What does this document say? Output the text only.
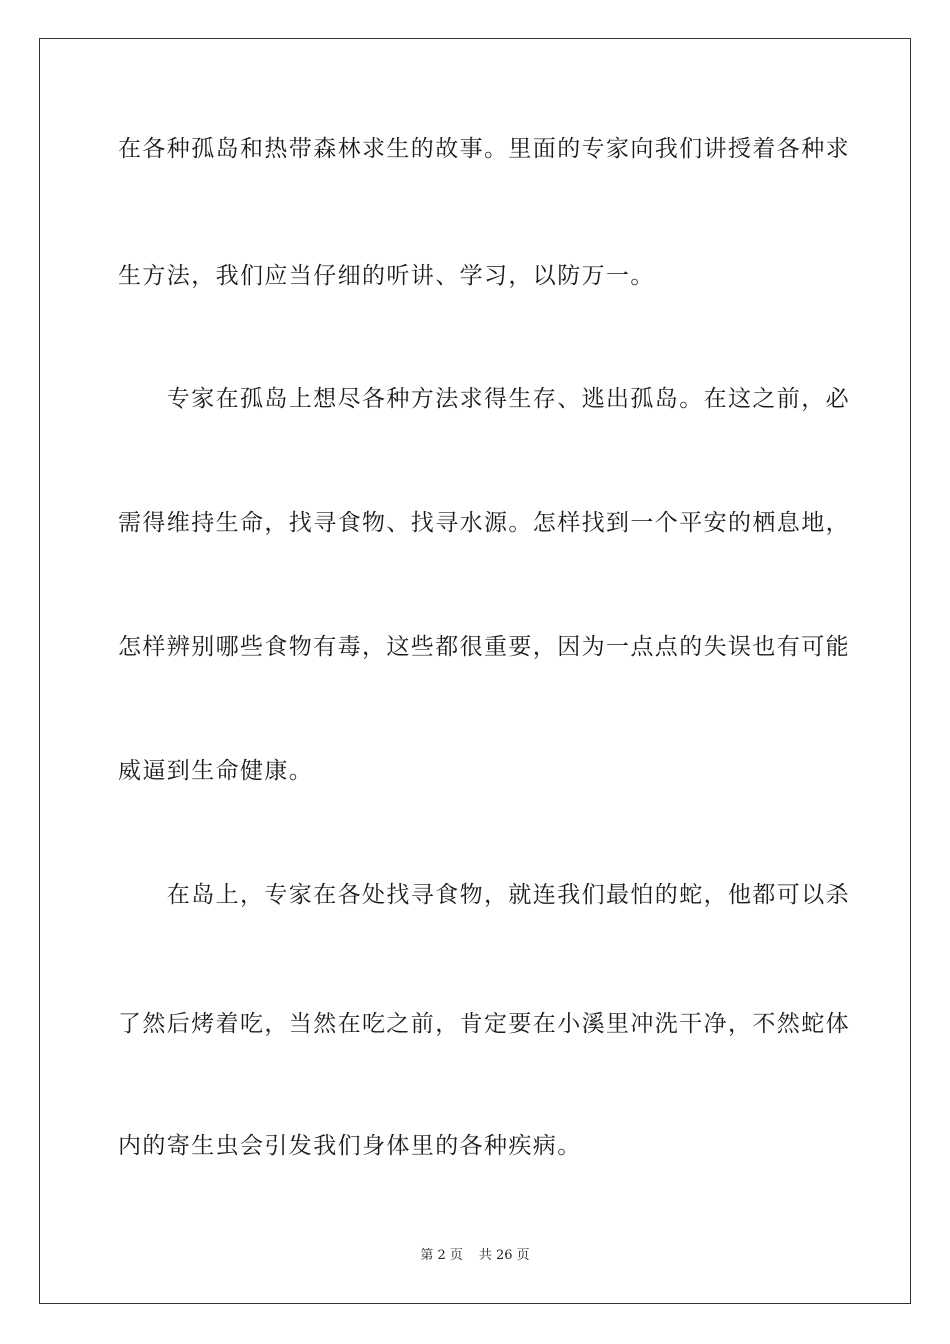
在各种孤岛和热带森林求生的故事。里面的专家向我们讲授着各种求
生方法，我们应当仔细的听讲、学习，以防万一。
　　专家在孤岛上想尽各种方法求得生存、逃出孤岛。在这之前，必
需得维持生命，找寻食物、找寻水源。怎样找到一个平安的栖息地，
怎样辨别哪些食物有毒，这些都很重要，因为一点点的失误也有可能
威逼到生命健康。
　　在岛上，专家在各处找寻食物，就连我们最怕的蛇，他都可以杀
了然后烤着吃，当然在吃之前，肯定要在小溪里冲洗干净，不然蛇体
内的寄生虫会引发我们身体里的各种疾病。
第 2 页 共 26 页
